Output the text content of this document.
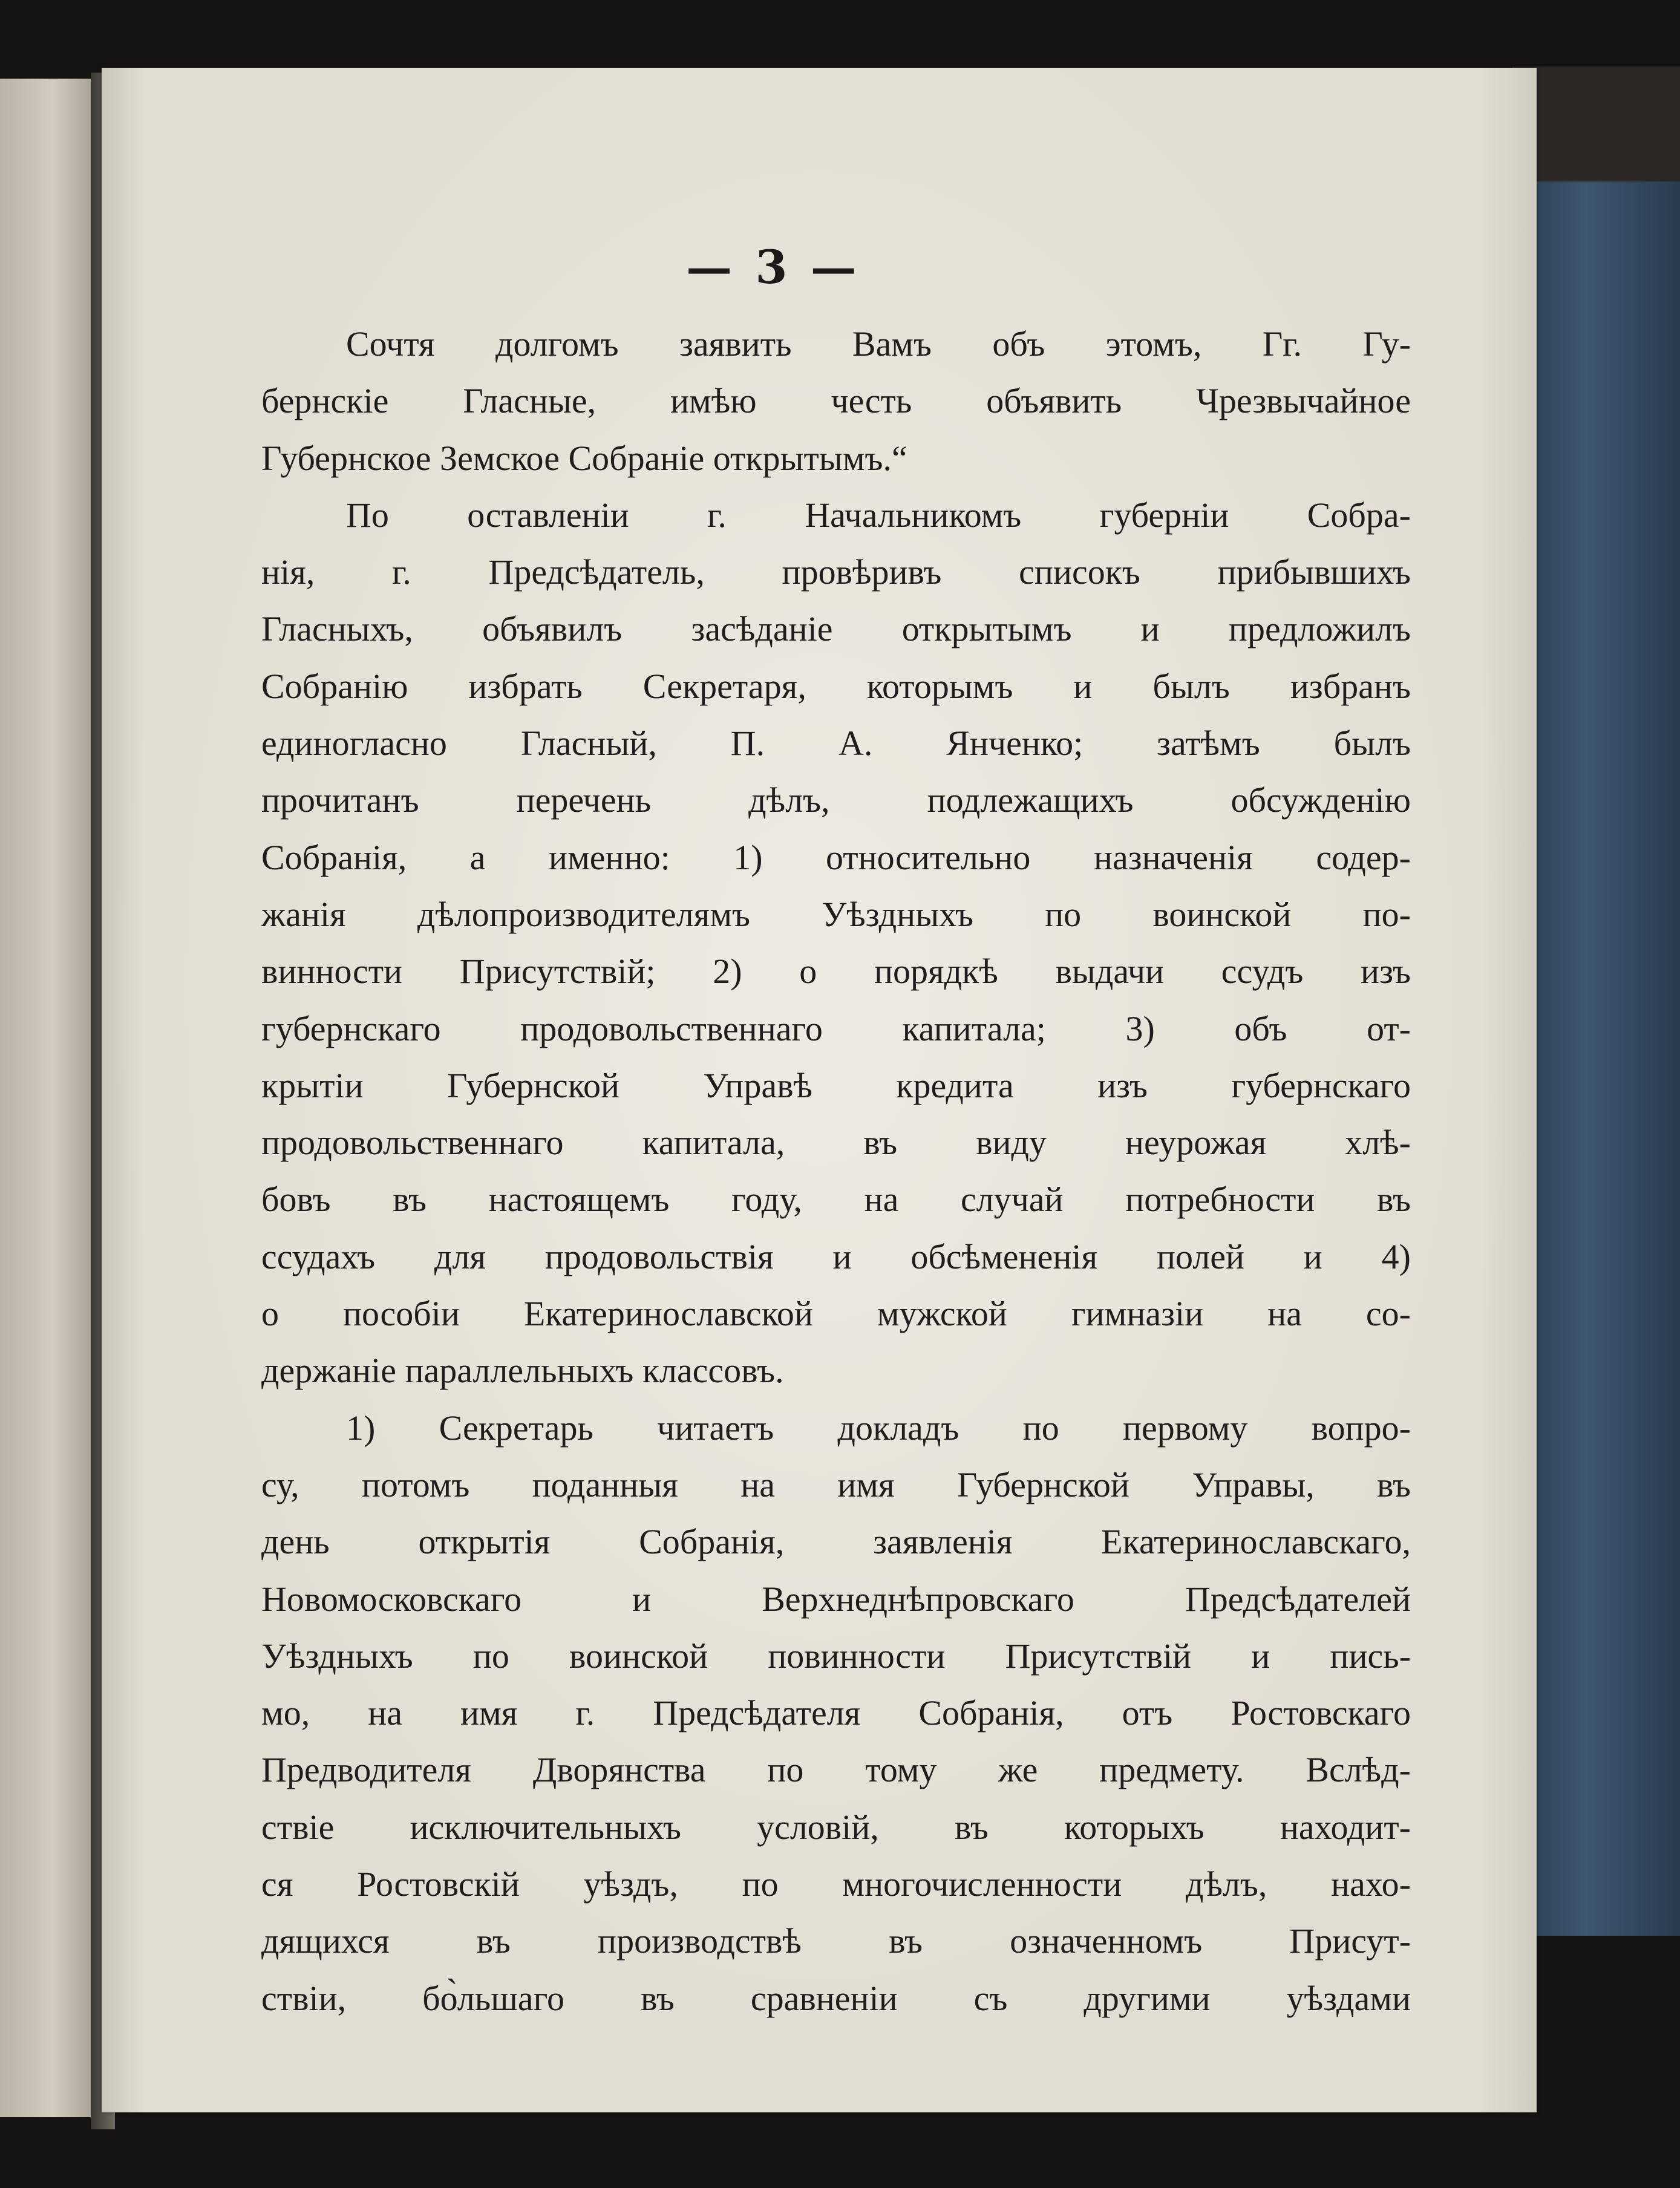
— 3 —
Сочтя долгомъ заявить Вамъ объ этомъ, Гг. Гу-
бернскіе Гласные, имѣю честь объявить Чрезвычайное
Губернское Земское Собраніе открытымъ.“
По оставленіи г. Начальникомъ губерніи Собра-
нія, г. Предсѣдатель, провѣривъ списокъ прибывшихъ
Гласныхъ, объявилъ засѣданіе открытымъ и предложилъ
Собранію избрать Секретаря, которымъ и былъ избранъ
единогласно Гласный, П. А. Янченко; затѣмъ былъ
прочитанъ перечень дѣлъ, подлежащихъ обсужденію
Собранія, а именно: 1) относительно назначенія содер-
жанія дѣлопроизводителямъ Уѣздныхъ по воинской по-
винности Присутствій; 2) о порядкѣ выдачи ссудъ изъ
губернскаго продовольственнаго капитала; 3) объ от-
крытіи Губернской Управѣ кредита изъ губернскаго
продовольственнаго капитала, въ виду неурожая хлѣ-
бовъ въ настоящемъ году, на случай потребности въ
ссудахъ для продовольствія и обсѣмененія полей и 4)
о пособіи Екатеринославской мужской гимназіи на со-
держаніе параллельныхъ классовъ.
1) Секретарь читаетъ докладъ по первому вопро-
су, потомъ поданныя на имя Губернской Управы, въ
день открытія Собранія, заявленія Екатеринославскаго,
Новомосковскаго и Верхнеднѣпровскаго Предсѣдателей
Уѣздныхъ по воинской повинности Присутствій и пись-
мо, на имя г. Предсѣдателя Собранія, отъ Ростовскаго
Предводителя Дворянства по тому же предмету. Вслѣд-
ствіе исключительныхъ условій, въ которыхъ находит-
ся Ростовскій уѣздъ, по многочисленности дѣлъ, нахо-
дящихся въ производствѣ въ означенномъ Присут-
ствіи, бо̀льшаго въ сравненіи съ другими уѣздами
